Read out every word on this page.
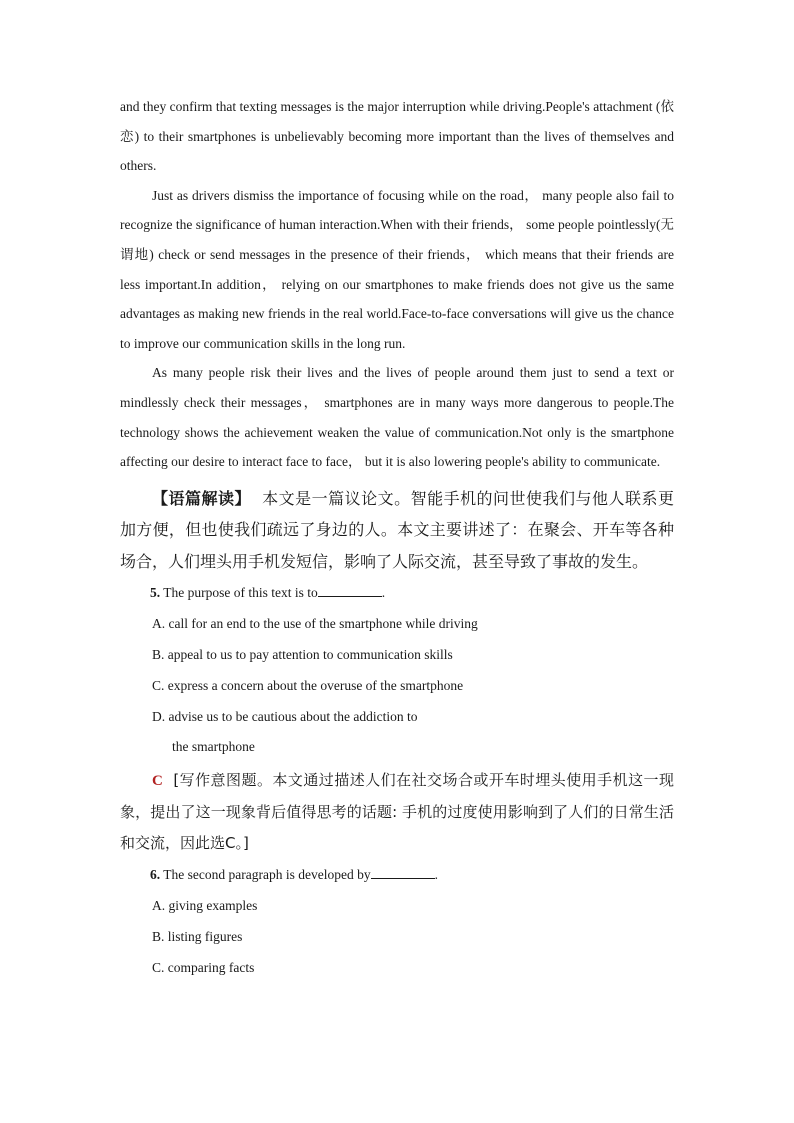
and they confirm that texting messages is the major interruption while driving.People's attachment (依恋) to their smartphones is unbelievably becoming more important than the lives of themselves and others.

Just as drivers dismiss the importance of focusing while on the road， many people also fail to recognize the significance of human interaction.When with their friends， some people pointlessly(无谓地) check or send messages in the presence of their friends， which means that their friends are less important.In addition， relying on our smartphones to make friends does not give us the same advantages as making new friends in the real world.Face-to-face conversations will give us the chance to improve our communication skills in the long run.

As many people risk their lives and the lives of people around them just to send a text or mindlessly check their messages， smartphones are in many ways more dangerous to people.The technology shows the achievement weaken the value of communication.Not only is the smartphone affecting our desire to interact face to face， but it is also lowering people's ability to communicate.

【语篇解读】 本文是一篇议论文。智能手机的问世使我们与他人联系更加方便，但也使我们疏远了身边的人。本文主要讲述了：在聚会、开车等各种场合，人们埋头用手机发短信，影响了人际交流，甚至导致了事故的发生。

5. The purpose of this text is to	.

A. call for an end to the use of the smartphone while driving

B. appeal to us to pay attention to communication skills

C. express a concern about the overuse of the smartphone

D. advise us to be cautious about the addiction to

the smartphone

C [写作意图题。本文通过描述人们在社交场合或开车时埋头使用手机这一现象，提出了这一现象背后值得思考的话题: 手机的过度使用影响到了人们的日常生活和交流，因此选C。]

6. The second paragraph is developed by	.

A. giving examples

B. listing figures

C. comparing facts
